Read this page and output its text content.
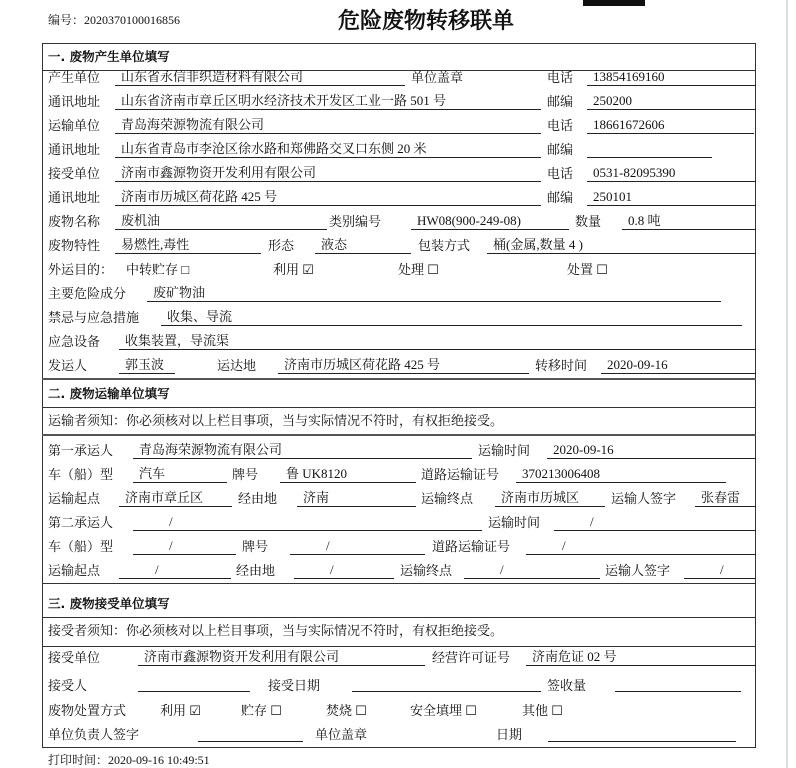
编号：2020370100016856	危险废物转移联单
一. 废物产生单位填写
产生单位	山东省永信非织造材料有限公司	单位盖章	电话	13854169160
通讯地址	山东省济南市章丘区明水经济技术开发区工业一路 501 号	邮编	250200
运输单位	青岛海荣源物流有限公司	电话	18661672606
通讯地址	山东省青岛市李沧区徐水路和郑佛路交叉口东侧 20 米	邮编
接受单位	济南市鑫源物资开发利用有限公司	电话	0531-82095390
通讯地址	济南市历城区荷花路 425 号	邮编	250101
废物名称	废机油	类别编号	HW08(900-249-08)	数量	0.8 吨
废物特性	易燃性,毒性	形态	液态	包装方式	桶(金属,数量 4 )
外运目的： 中转贮存 □	利用 ☑	处理 ☐	处置 ☐
主要危险成分	废矿物油
禁忌与应急措施	收集、导流
应急设备	收集装置，导流渠
发运人	郭玉波	运达地	济南市历城区荷花路 425 号	转移时间	2020-09-16
二. 废物运输单位填写
运输者须知：你必须核对以上栏目事项，当与实际情况不符时，有权拒绝接受。
第一承运人	青岛海荣源物流有限公司	运输时间	2020-09-16
车（船）型	汽车	牌号	鲁 UK8120	道路运输证号	370213006408
运输起点	济南市章丘区	经由地	济南	运输终点	济南市历城区	运输人签字	张春雷
第二承运人	/	运输时间	/
车（船）型	/	牌号	/	道路运输证号	/
运输起点	/	经由地	/	运输终点	/	运输人签字	/
三. 废物接受单位填写
接受者须知：你必须核对以上栏目事项，当与实际情况不符时，有权拒绝接受。
接受单位	济南市鑫源物资开发利用有限公司	经营许可证号	济南危证 02 号
接受人	接受日期	签收量
废物处置方式	利用 ☑	贮存 ☐	焚烧 ☐	安全填埋 ☐	其他 ☐
单位负责人签字	单位盖章	日期
打印时间：2020-09-16 10:49:51
